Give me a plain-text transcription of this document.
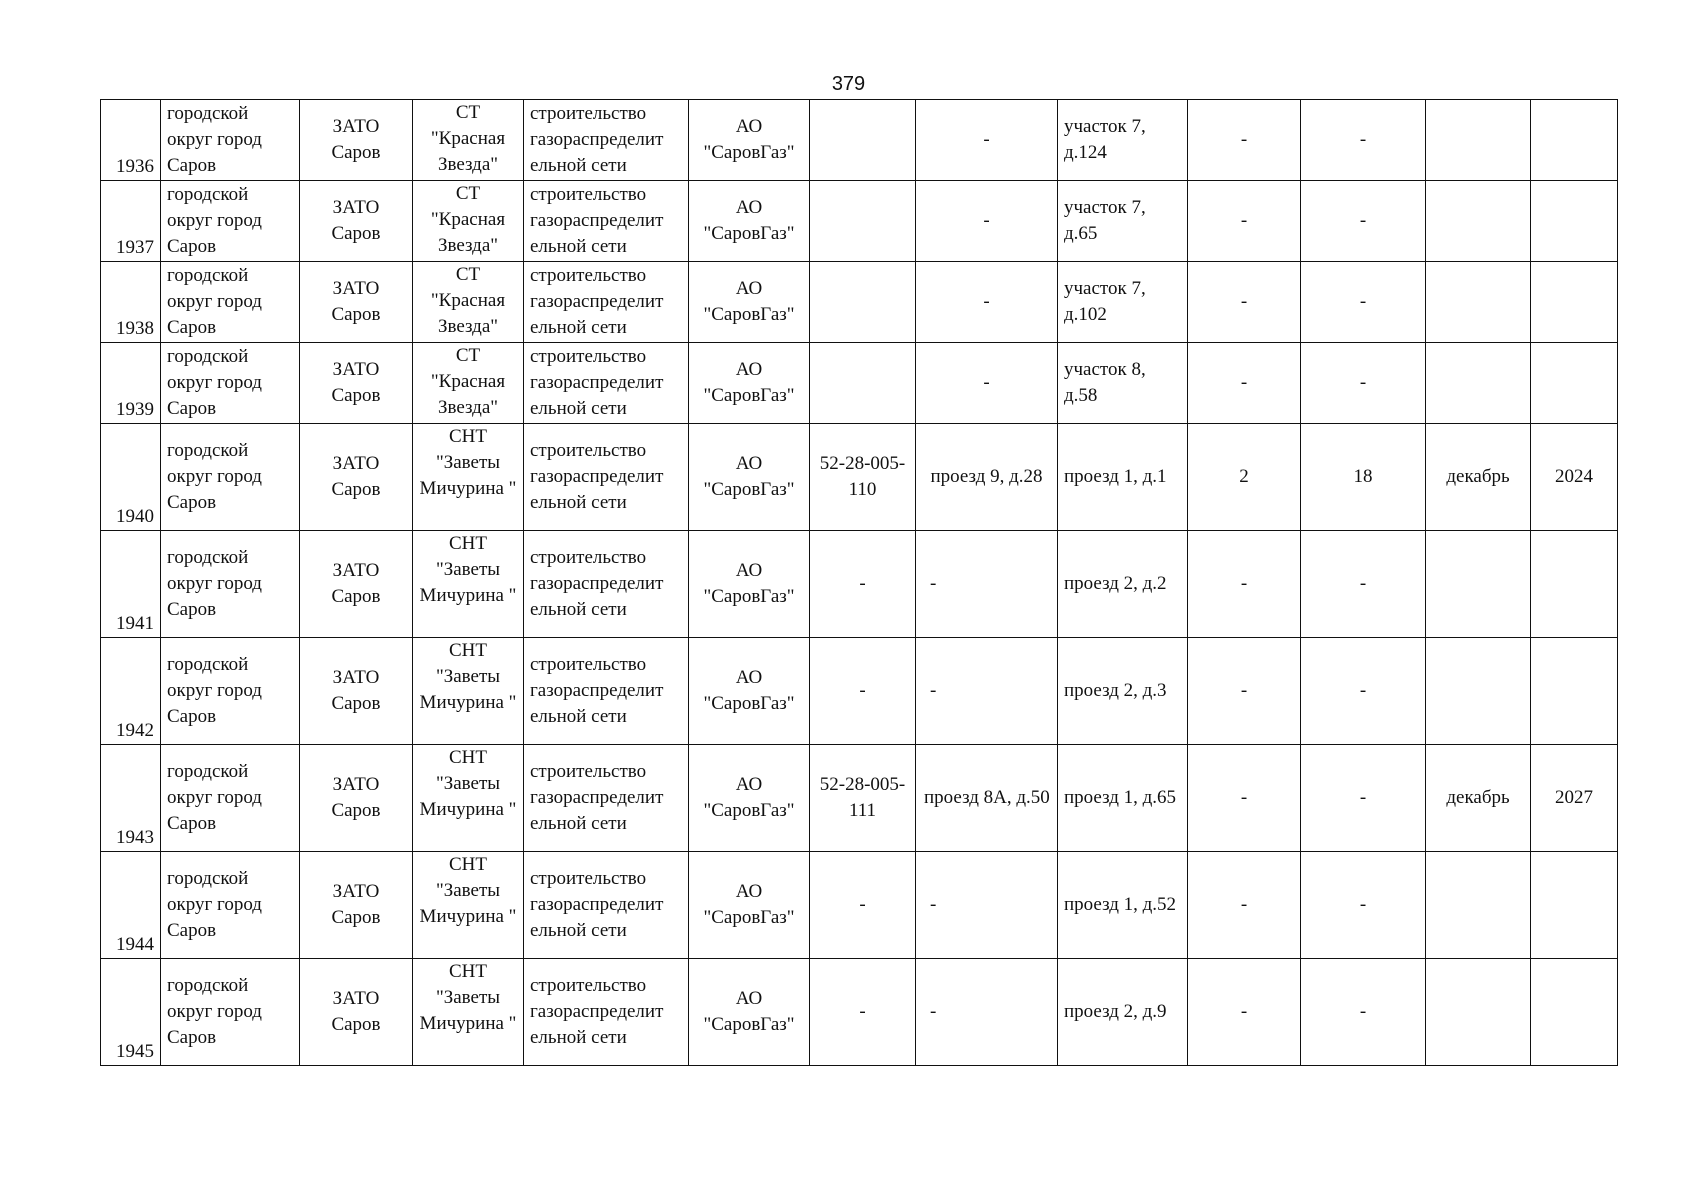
379
1936	городской округ город Саров	ЗАТО Саров	СТ "Красная Звезда"	строительство газораспределит ельной сети	АО "СаровГаз"		-	участок 7, д.124	-	-		
1937	городской округ город Саров	ЗАТО Саров	СТ "Красная Звезда"	строительство газораспределит ельной сети	АО "СаровГаз"		-	участок 7, д.65	-	-		
1938	городской округ город Саров	ЗАТО Саров	СТ "Красная Звезда"	строительство газораспределит ельной сети	АО "СаровГаз"		-	участок 7, д.102	-	-		
1939	городской округ город Саров	ЗАТО Саров	СТ "Красная Звезда"	строительство газораспределит ельной сети	АО "СаровГаз"		-	участок 8, д.58	-	-		
1940	городской округ город Саров	ЗАТО Саров	СНТ "Заветы Мичурина "	строительство газораспределит ельной сети	АО "СаровГаз"	52-28-005-110	проезд 9, д.28	проезд 1, д.1	2	18	декабрь	2024
1941	городской округ город Саров	ЗАТО Саров	СНТ "Заветы Мичурина "	строительство газораспределит ельной сети	АО "СаровГаз"	-	-	проезд 2, д.2	-	-		
1942	городской округ город Саров	ЗАТО Саров	СНТ "Заветы Мичурина "	строительство газораспределит ельной сети	АО "СаровГаз"	-	-	проезд 2, д.3	-	-		
1943	городской округ город Саров	ЗАТО Саров	СНТ "Заветы Мичурина "	строительство газораспределит ельной сети	АО "СаровГаз"	52-28-005-111	проезд 8А, д.50	проезд 1, д.65	-	-	декабрь	2027
1944	городской округ город Саров	ЗАТО Саров	СНТ "Заветы Мичурина "	строительство газораспределит ельной сети	АО "СаровГаз"	-	-	проезд 1, д.52	-	-		
1945	городской округ город Саров	ЗАТО Саров	СНТ "Заветы Мичурина "	строительство газораспределит ельной сети	АО "СаровГаз"	-	-	проезд 2, д.9	-	-		
